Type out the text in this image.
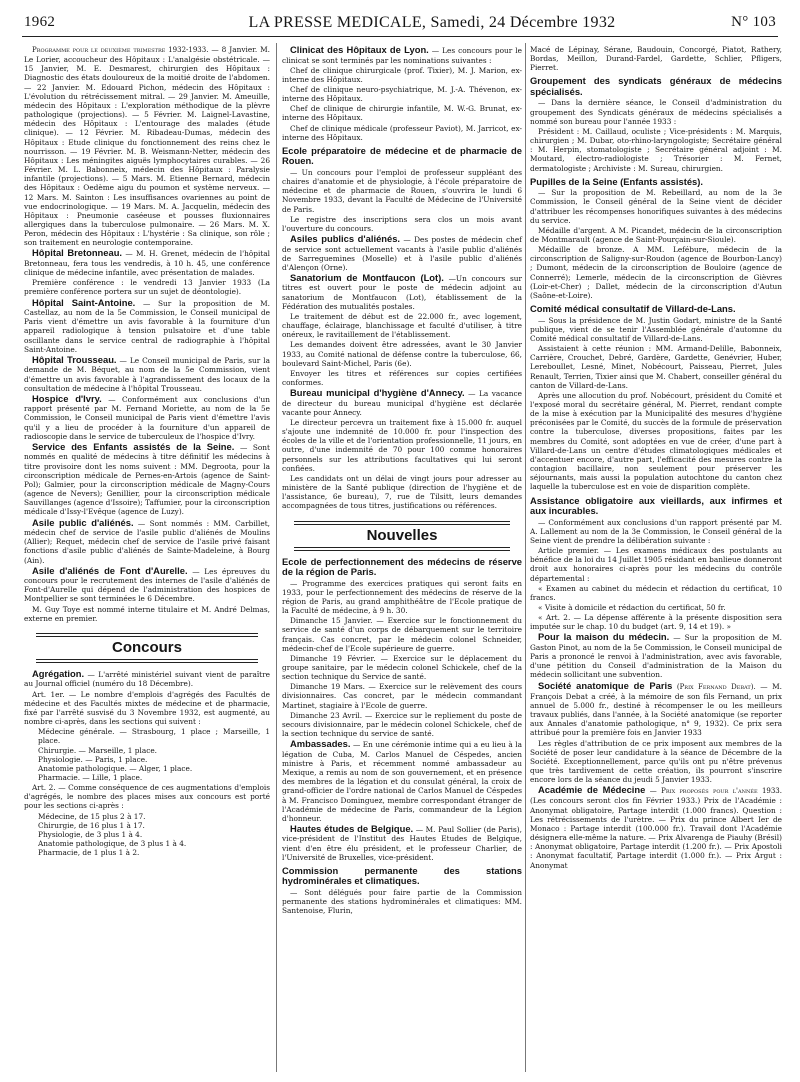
1962	LA PRESSE MEDICALE, Samedi, 24 Décembre 1932	N° 103

Programme pour le deuxième trimestre 1932-1933. — 8 Janvier. M. Le Lorier, accoucheur des Hôpitaux : L'analgésie obstétricale. — 15 Janvier, M. E. Desmarest, chirurgien des Hôpitaux : Diagnostic des états douloureux de la moitié droite de l'abdomen. — 22 Janvier. M. Edouard Pichon, médecin des Hôpitaux : L'évolution du rétrécissement mitral. — 29 Janvier. M. Ameuille, médecin des Hôpitaux : L'exploration méthodique de la plèvre pathologique (projections). — 5 Février. M. Laignel-Lavastine, médecin des Hôpitaux : L'entourage des malades (étude clinique). — 12 Février. M. Ribadeau-Dumas, médecin des Hôpitaux : Etude clinique du fonctionnement des reins chez le nourrisson. — 19 Février. M. B. Weismann-Netter, médecin des Hôpitaux : Les méningites aiguës lymphocytaires curables. — 26 Février. M. L. Babonneix, médecin des Hôpitaux : Paralysie infantile (projections). — 5 Mars. M. Etienne Bernard, médecin des Hôpitaux : Oedème aigu du poumon et système nerveux. — 12 Mars. M. Sainton : Les insuffisances ovariennes au point de vue endocrinologique. — 19 Mars. M. A. Jacquelin, médecin des Hôpitaux : Pneumonie caséeuse et pousses fluxionnaires allergiques dans la tuberculose pulmonaire. — 26 Mars. M. X. Peron, médecin des Hôpitaux : L'hystérie : Sa clinique, son rôle ; son traitement en neurologie contemporaine.

Hôpital Bretonneau. — M. H. Grenet, médecin de l'hôpital Bretonneau, fera tous les vendredis, à 10 h. 45, une conférence clinique de médecine infantile, avec présentation de malades.

Première conférence : le vendredi 13 Janvier 1933 (La première conférence portera sur un sujet de déontologie).

Hôpital Saint-Antoine. — Sur la proposition de M. Castellaz, au nom de la 5e Commission, le Conseil municipal de Paris vient d'émettre un avis favorable à la fourniture d'un appareil radiologique à tension pulsatoire et d'une table oscillante dans le service central de radiographie à l'hôpital Saint-Antoine.

Hôpital Trousseau. — Le Conseil municipal de Paris, sur la demande de M. Béquet, au nom de la 5e Commission, vient d'émettre un avis favorable à l'agrandissement des locaux de la consultation de médecine à l'hôpital Trousseau.

Hospice d'Ivry. — Conformément aux conclusions d'un rapport présenté par M. Fernand Moriette, au nom de la 5e Commission, le Conseil municipal de Paris vient d'émettre l'avis qu'il y a lieu de procéder à la fourniture d'un appareil de radioscopie dans le service de tuberculeux de l'hospice d'Ivry.

Service des Enfants assistés de la Seine. — Sont nommés en qualité de médecins à titre définitif les médecins à titre provisoire dont les noms suivent : MM. Degroota, pour la circonscription médicale de Pernes-en-Artois (agence de Saint-Pol); Galmier, pour la circonscription médicale de Magny-Cours (agence de Nevers); Genillier, pour la circonscription médicale Sauvillanges (agence d'Issoire); Taffumier, pour la circonscription médicale d'Issy-l'Evêque (agence de Luzy).

Asile public d'aliénés. — Sont nommés : MM. Carbillet, médecin chef de service de l'asile public d'aliénés de Moulins (Allier); Requet, médecin chef de service de l'asile privé faisant fonctions d'asile public d'aliénés de Sainte-Madeleine, à Bourg (Ain).

Asile d'aliénés de Font d'Aurelle. — Les épreuves du concours pour le recrutement des internes de l'asile d'aliénés de Font-d'Aurelle qui dépend de l'administration des hospices de Montpellier se sont terminées le 6 Décembre.

M. Guy Toye est nommé interne titulaire et M. André Delmas, externe en premier.

Concours

Agrégation. — L'arrêté ministériel suivant vient de paraître au Journal officiel (numéro du 18 Décembre).

Art. 1er. — Le nombre d'emplois d'agrégés des Facultés de médecine et des Facultés mixtes de médecine et de pharmacie, fixé par l'arrêté susvisé du 3 Novembre 1932, est augmenté, au nombre ci-après, dans les sections qui suivent :

Médecine générale. — Strasbourg, 1 place ; Marseille, 1 place.
Chirurgie. — Marseille, 1 place.
Physiologie. — Paris, 1 place.
Anatomie pathologique. — Alger, 1 place.
Pharmacie. — Lille, 1 place.

Art. 2. — Comme conséquence de ces augmentations d'emplois d'agrégés, le nombre des places mises aux concours est porté pour les sections ci-après :

Médecine, de 15 plus 2 à 17.
Chirurgie, de 16 plus 1 à 17.
Physiologie, de 3 plus 1 à 4.
Anatomie pathologique, de 3 plus 1 à 4.
Pharmacie, de 1 plus 1 à 2.

Clinicat des Hôpitaux de Lyon. — Les concours pour le clinicat se sont terminés par les nominations suivantes :

Chef de clinique chirurgicale (prof. Tixier), M. J. Marion, ex-interne des Hôpitaux.

Chef de clinique neuro-psychiatrique, M. J.-A. Thévenon, ex-interne des Hôpitaux.

Chef de clinique de chirurgie infantile, M. W.-G. Brunat, ex-interne des Hôpitaux.

Chef de clinique médicale (professeur Paviot), M. Jarricot, ex-interne des Hôpitaux.

Ecole préparatoire de médecine et de pharmacie de Rouen.

— Un concours pour l'emploi de professeur suppléant des chaires d'anatomie et de physiologie, à l'école préparatoire de médecine et de pharmacie de Rouen, s'ouvrira le lundi 6 Novembre 1933, devant la Faculté de Médecine de l'Université de Paris.

Le registre des inscriptions sera clos un mois avant l'ouverture du concours.

Asiles publics d'aliénés. — Des postes de médecin chef de service sont actuellement vacants à l'asile public d'aliénés de Sarreguemines (Moselle) et à l'asile public d'aliénés d'Alençon (Orne).

Sanatorium de Montfaucon (Lot). —Un concours sur titres est ouvert pour le poste de médecin adjoint au sanatorium de Montfaucon (Lot), établissement de la Fédération des mutualités postales.

Le traitement de début est de 22.000 fr., avec logement, chauffage, éclairage, blanchissage et faculté d'utiliser, à titre onéreux, le ravitaillement de l'établissement.

Les demandes doivent être adressées, avant le 30 Janvier 1933, au Comité national de défense contre la tuberculose, 66, boulevard Saint-Michel, Paris (6e).

Envoyer les titres et références sur copies certifiées conformes.

Bureau municipal d'hygiène d'Annecy. — La vacance de directeur du bureau municipal d'hygiène est déclarée vacante pour Annecy.

Le directeur percevra un traitement fixe à 15.000 fr. auquel s'ajoute une indemnité de 10.000 fr. pour l'inspection des écoles de la ville et de l'orientation professionnelle, 11 jours, en outre, d'une indemnité de 70 pour 100 comme honoraires personnels sur les attributions facultatives qui lui seront confiées.

Les candidats ont un délai de vingt jours pour adresser au ministère de la Santé publique (direction de l'hygiène et de l'assistance, 6e bureau), 7, rue de Tilsitt, leurs demandes accompagnées de tous titres, justifications ou références.

Nouvelles
Ecole de perfectionnement des médecins de réserve de la région de Paris.

— Programme des exercices pratiques qui seront faits en 1933, pour le perfectionnement des médecins de réserve de la région de Paris, au grand amphithéâtre de l'Ecole pratique de la Faculté de médecine, à 9 h. 30.

Dimanche 15 Janvier. — Exercice sur le fonctionnement du service de santé d'un corps de débarquement sur le territoire français. Cas concret, par le médecin colonel Schneider, médecin-chef de l'Ecole supérieure de guerre.

Dimanche 19 Février. — Exercice sur le déplacement du groupe sanitaire, par le médecin colonel Schickele, chef de la section technique du Service de santé.

Dimanche 19 Mars. — Exercice sur le relèvement des cours divisionnaires. Cas concret, par le médecin commandant Martinet, stagiaire à l'Ecole de guerre.

Dimanche 23 Avril. — Exercice sur le repliement du poste de secours divisionnaire, par le médecin colonel Schickele, chef de la section technique du service de santé.

Ambassades. — En une cérémonie intime qui a eu lieu à la légation de Cuba, M. Carlos Manuel de Céspedes, ancien ministre à Paris, et récemment nommé ambassadeur au Mexique, a remis au nom de son gouvernement, et en présence des membres de la légation et du consulat général, la croix de grand-officier de l'ordre national de Carlos Manuel de Céspedes à M. Francisco Dominguez, membre correspondant étranger de l'Académie de médecine de Paris, commandeur de la Légion d'honneur.

Hautes études de Belgique. — M. Paul Sollier (de Paris), vice-président de l'Institut des Hautes Etudes de Belgique, vient d'en être élu président, et le professeur Charlier, de l'Université de Bruxelles, vice-président.

Commission permanente des stations hydrominérales et climatiques.

— Sont délégués pour faire partie de la Commission permanente des stations hydrominérales et climatiques: MM. Santenoise, Flurin,

Macé de Lépinay, Sérane, Baudouin, Concorgé, Piatot, Rathery, Bordas, Meillon, Durand-Fardel, Gardette, Schlier, Pfligers, Pierret.

Groupement des syndicats généraux de médecins spécialisés.

— Dans la dernière séance, le Conseil d'administration du groupement des Syndicats généraux de médecins spécialisés a nommé son bureau pour l'année 1933 :

Président : M. Caillaud, oculiste ; Vice-présidents : M. Marquis, chirurgien ; M. Dubar, oto-rhino-laryngologiste; Secrétaire général : M. Herpin, stomatologiste ; Secrétaire général adjoint : M. Moutard, électro-radiologiste ; Trésorier : M. Fernet, dermatologiste ; Archiviste : M. Sureau, chirurgien.

Pupilles de la Seine (Enfants assistés).

— Sur la proposition de M. Rebeillard, au nom de la 3e Commission, le Conseil général de la Seine vient de décider d'attribuer les récompenses honorifiques suivantes à des médecins du service.

Médaille d'argent. A M. Picandet, médecin de la circonscription de Montmarault (agence de Saint-Pourçain-sur-Sioule).

Médaille de bronze. A MM. Lefébure, médecin de la circonscription de Saligny-sur-Roudon (agence de Bourbon-Lancy) ; Dumont, médecin de la circonscription de Bouloire (agence de Connerré); Lemerle, médecin de la circonscription de Gièvres (Loir-et-Cher) ; Dallet, médecin de la circonscription d'Autun (Saône-et-Loire).

Comité médical consultatif de Villard-de-Lans.

— Sous la présidence de M. Justin Godart, ministre de la Santé publique, vient de se tenir l'Assemblée générale d'automne du Comité médical consultatif de Villard-de-Lans.

Assistaient à cette réunion : MM. Armand-Delille, Babonneix, Carrière, Crouchet, Debré, Gardère, Gardette, Genévrier, Huber, Lereboullet, Lesné, Minet, Nobécourt, Paisseau, Pierret, Jules Renault, Terrien, Tixier ainsi que M. Chabert, conseiller général du canton de Villard-de-Lans.

Après une allocution du prof. Nobécourt, président du Comité et l'exposé moral du secrétaire général, M. Pierret, rendant compte de la mise à exécution par la Municipalité des mesures d'hygiène préconisées par le Comité, du succès de la formule de préservation contre la tuberculose, diverses propositions, faites par les membres du Comité, sont adoptées en vue de créer, d'une part à Villard-de-Lans un centre d'études climatologiques médicales et d'accentuer encore, d'autre part, l'efficacité des mesures contre la contagion bacillaire, non seulement pour préserver les séjournants, mais aussi la population autochtone du canton chez laquelle la tuberculose est en voie de disparition complète.

Assistance obligatoire aux vieillards, aux infirmes et aux incurables.

— Conformément aux conclusions d'un rapport présenté par M. A. Lallement au nom de la 3e Commission, le Conseil général de la Seine vient de prendre la délibération suivante :

Article premier. — Les examens médicaux des postulants au bénéfice de la loi du 14 Juillet 1905 résidant en banlieue donneront droit aux honoraires ci-après pour les médecins du contrôle départemental :

« Examen au cabinet du médecin et rédaction du certificat, 10 francs.

« Visite à domicile et rédaction du certificat, 50 fr.

« Art. 2. — La dépense afférente à la présente disposition sera imputée sur le chap. 10 du budget (art. 9, 14 et 19). »

Pour la maison du médecin. — Sur la proposition de M. Gaston Pinot, au nom de la 5e Commission, le Conseil municipal de Paris a prononcé le renvoi à l'administration, avec avis favorable, d'une pétition du Conseil d'administration de la Maison du médecin sollicitant une subvention.

Société anatomique de Paris (Prix Fernand Debat). — M. François Debat a créé, à la mémoire de son fils Fernand, un prix annuel de 5.000 fr., destiné à récompenser le ou les meilleurs travaux publiés, dans l'année, à la Société anatomique (se reporter aux Annales d'anatomie pathologique, n° 9, 1932). Ce prix sera attribué pour la première fois en Janvier 1933

Les règles d'attribution de ce prix imposent aux membres de la Société de poser leur candidature à la séance de Décembre de la Société. Exceptionnellement, parce qu'ils ont pu n'être prévenus que très tardivement de cette création, ils pourront s'inscrire encore lors de la séance du jeudi 5 Janvier 1933.

Académie de Médecine — Prix proposés pour l'année 1933. (Les concours seront clos fin Février 1933.) Prix de l'Académie : Anonymat obligatoire, Partage interdit (1.000 francs). Question : Les rétrécissements de l'urètre. — Prix du prince Albert Ier de Monaco : Partage interdit (100.000 fr.). Travail dont l'Académie désignera elle-même la nature. — Prix Alvarenga de Piauhy (Brésil) : Anonymat obligatoire, Partage interdit (1.200 fr.). — Prix Apostoli : Anonymat facultatif, Partage interdit (1.000 fr.). — Prix Argut : Anonymat
